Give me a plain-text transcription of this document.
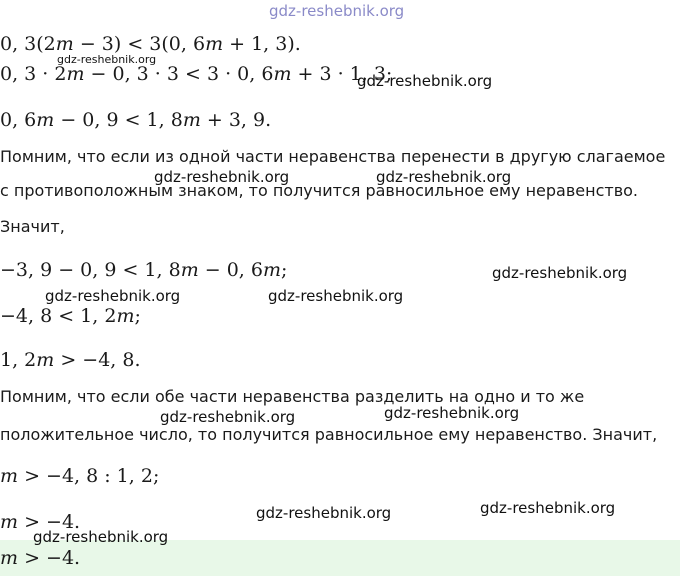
gdz-reshebnik.org
0, 3(2m − 3) < 3(0, 6m + 1, 3).
gdz-reshebnik.org
0, 3 · 2m − 0, 3 · 3 < 3 · 0, 6m + 3 · 1, 3;
gdz-reshebnik.org
0, 6m − 0, 9 < 1, 8m + 3, 9.
Помним, что если из одной части неравенства перенести в другую слагаемое
gdz-reshebnik.org	gdz-reshebnik.org
с противоположным знаком, то получится равносильное ему неравенство.
Значит,
−3, 9 − 0, 9 < 1, 8m − 0, 6m;	gdz-reshebnik.org
gdz-reshebnik.org	gdz-reshebnik.org
−4, 8 < 1, 2m;
1, 2m > −4, 8.
Помним, что если обе части неравенства разделить на одно и то же
gdz-reshebnik.org	gdz-reshebnik.org
положительное число, то получится равносильное ему неравенство. Значит,
m > −4, 8 : 1, 2;
gdz-reshebnik.org
gdz-reshebnik.org
m > −4.
gdz-reshebnik.org
m > −4.
